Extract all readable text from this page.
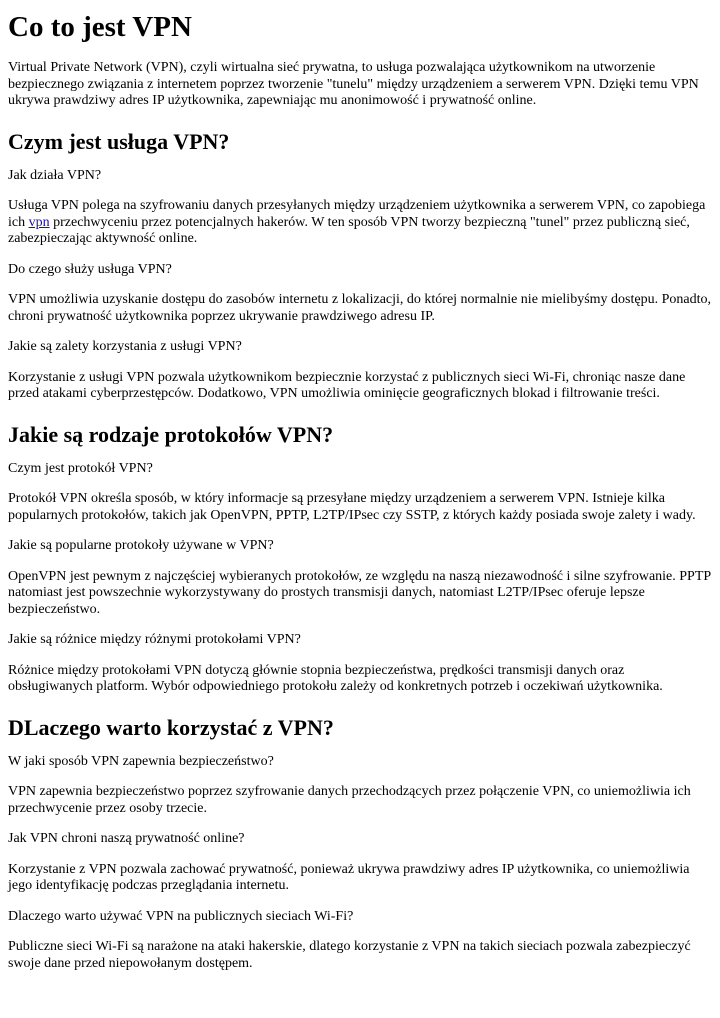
Co to jest VPN

Virtual Private Network (VPN), czyli wirtualna sieć prywatna, to usługa pozwalająca użytkownikom na utworzenie bezpiecznego związania z internetem poprzez tworzenie "tunelu" między urządzeniem a serwerem VPN. Dzięki temu VPN ukrywa prawdziwy adres IP użytkownika, zapewniając mu anonimowość i prywatność online.

Czym jest usługa VPN?

Jak działa VPN?

Usługa VPN polega na szyfrowaniu danych przesyłanych między urządzeniem użytkownika a serwerem VPN, co zapobiega ich vpn przechwyceniu przez potencjalnych hakerów. W ten sposób VPN tworzy bezpieczną "tunel" przez publiczną sieć, zabezpieczając aktywność online.

Do czego służy usługa VPN?

VPN umożliwia uzyskanie dostępu do zasobów internetu z lokalizacji, do której normalnie nie mielibyśmy dostępu. Ponadto, chroni prywatność użytkownika poprzez ukrywanie prawdziwego adresu IP.

Jakie są zalety korzystania z usługi VPN?

Korzystanie z usługi VPN pozwala użytkownikom bezpiecznie korzystać z publicznych sieci Wi-Fi, chroniąc nasze dane przed atakami cyberprzestępców. Dodatkowo, VPN umożliwia ominięcie geograficznych blokad i filtrowanie treści.

Jakie są rodzaje protokołów VPN?

Czym jest protokół VPN?

Protokół VPN określa sposób, w który informacje są przesyłane między urządzeniem a serwerem VPN. Istnieje kilka popularnych protokołów, takich jak OpenVPN, PPTP, L2TP/IPsec czy SSTP, z których każdy posiada swoje zalety i wady.

Jakie są popularne protokoły używane w VPN?

OpenVPN jest pewnym z najczęściej wybieranych protokołów, ze względu na naszą niezawodność i silne szyfrowanie. PPTP natomiast jest powszechnie wykorzystywany do prostych transmisji danych, natomiast L2TP/IPsec oferuje lepsze bezpieczeństwo.

Jakie są różnice między różnymi protokołami VPN?

Różnice między protokołami VPN dotyczą głównie stopnia bezpieczeństwa, prędkości transmisji danych oraz obsługiwanych platform. Wybór odpowiedniego protokołu zależy od konkretnych potrzeb i oczekiwań użytkownika.

DLaczego warto korzystać z VPN?

W jaki sposób VPN zapewnia bezpieczeństwo?

VPN zapewnia bezpieczeństwo poprzez szyfrowanie danych przechodzących przez połączenie VPN, co uniemożliwia ich przechwycenie przez osoby trzecie.

Jak VPN chroni naszą prywatność online?

Korzystanie z VPN pozwala zachować prywatność, ponieważ ukrywa prawdziwy adres IP użytkownika, co uniemożliwia jego identyfikację podczas przeglądania internetu.

Dlaczego warto używać VPN na publicznych sieciach Wi-Fi?

Publiczne sieci Wi-Fi są narażone na ataki hakerskie, dlatego korzystanie z VPN na takich sieciach pozwala zabezpieczyć swoje dane przed niepowołanym dostępem.
